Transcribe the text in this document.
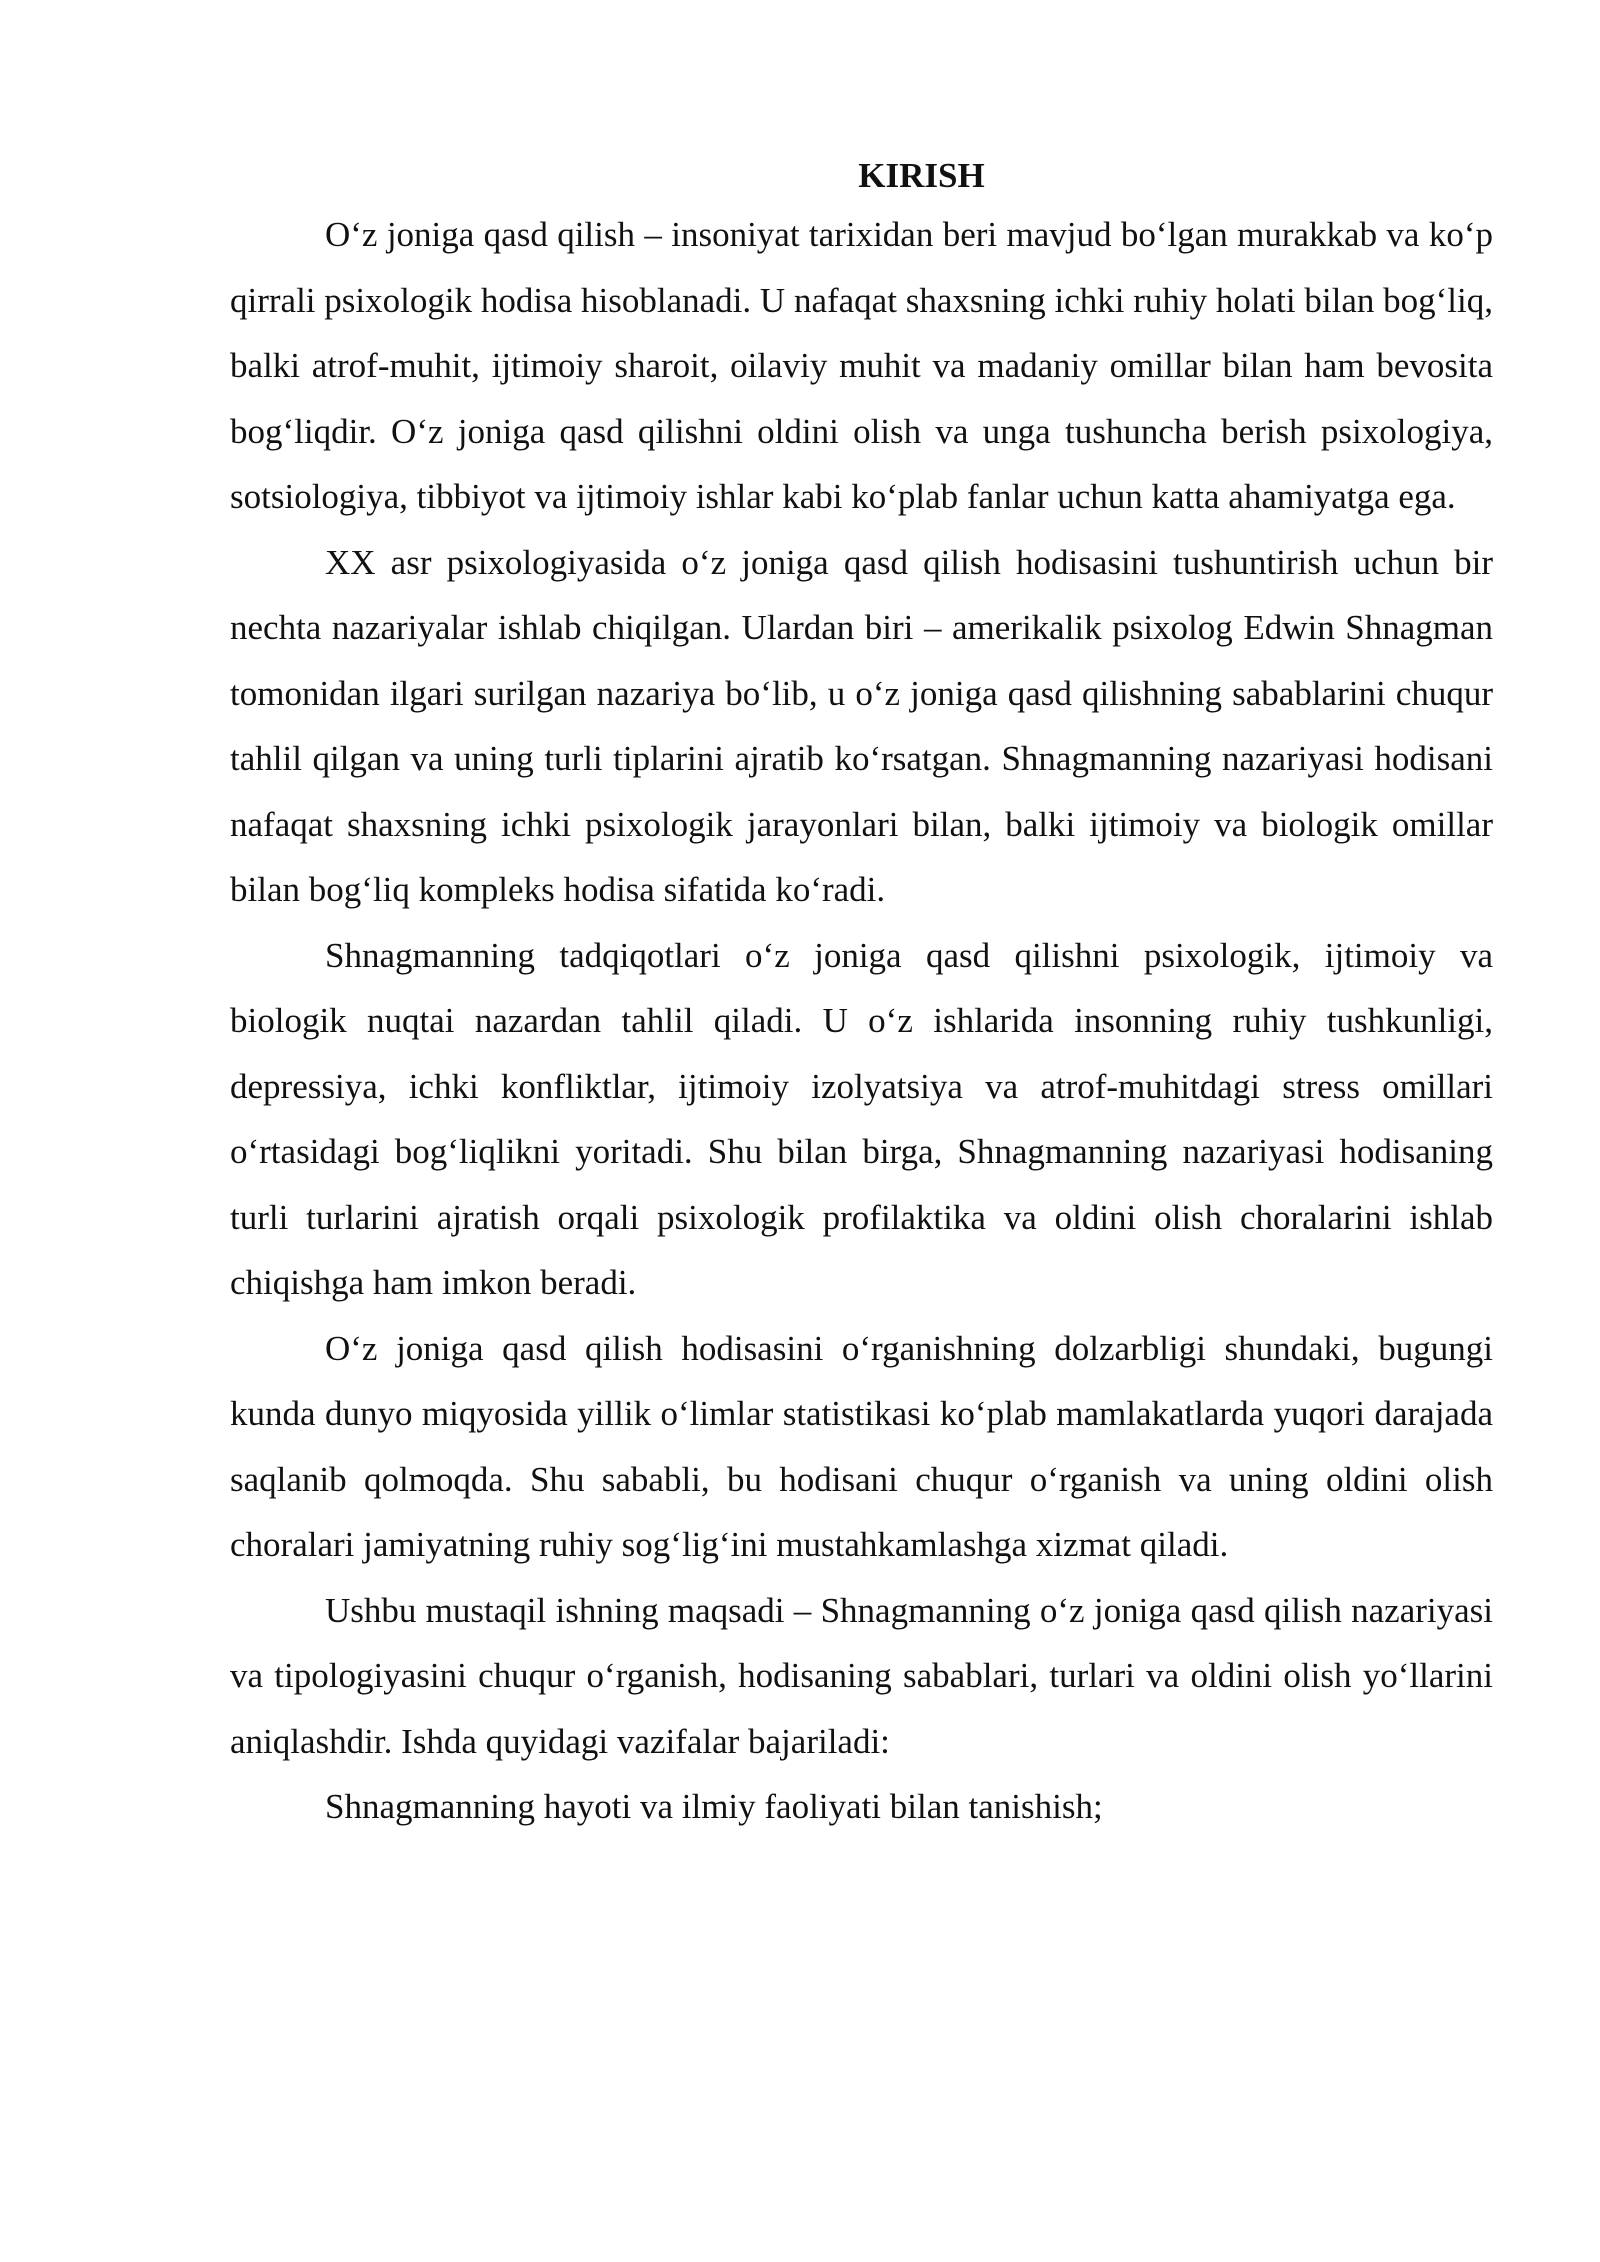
KIRISH

O‘z joniga qasd qilish – insoniyat tarixidan beri mavjud bo‘lgan murakkab va ko‘p qirrali psixologik hodisa hisoblanadi. U nafaqat shaxsning ichki ruhiy holati bilan bog‘liq, balki atrof-muhit, ijtimoiy sharoit, oilaviy muhit va madaniy omillar bilan ham bevosita bog‘liqdir. O‘z joniga qasd qilishni oldini olish va unga tushuncha berish psixologiya, sotsiologiya, tibbiyot va ijtimoiy ishlar kabi ko‘plab fanlar uchun katta ahamiyatga ega.

XX asr psixologiyasida o‘z joniga qasd qilish hodisasini tushuntirish uchun bir nechta nazariyalar ishlab chiqilgan. Ulardan biri – amerikalik psixolog Edwin Shnagman tomonidan ilgari surilgan nazariya bo‘lib, u o‘z joniga qasd qilishning sabablarini chuqur tahlil qilgan va uning turli tiplarini ajratib ko‘rsatgan. Shnagmanning nazariyasi hodisani nafaqat shaxsning ichki psixologik jarayonlari bilan, balki ijtimoiy va biologik omillar bilan bog‘liq kompleks hodisa sifatida ko‘radi.

Shnagmanning tadqiqotlari o‘z joniga qasd qilishni psixologik, ijtimoiy va biologik nuqtai nazardan tahlil qiladi. U o‘z ishlarida insonning ruhiy tushkunligi, depressiya, ichki konfliktlar, ijtimoiy izolyatsiya va atrof-muhitdagi stress omillari o‘rtasidagi bog‘liqlikni yoritadi. Shu bilan birga, Shnagmanning nazariyasi hodisaning turli turlarini ajratish orqali psixologik profilaktika va oldini olish choralarini ishlab chiqishga ham imkon beradi.

O‘z joniga qasd qilish hodisasini o‘rganishning dolzarbligi shundaki, bugungi kunda dunyo miqyosida yillik o‘limlar statistikasi ko‘plab mamlakatlarda yuqori darajada saqlanib qolmoqda. Shu sababli, bu hodisani chuqur o‘rganish va uning oldini olish choralari jamiyatning ruhiy sog‘lig‘ini mustahkamlashga xizmat qiladi.

Ushbu mustaqil ishning maqsadi – Shnagmanning o‘z joniga qasd qilish nazariyasi va tipologiyasini chuqur o‘rganish, hodisaning sabablari, turlari va oldini olish yo‘llarini aniqlashdir. Ishda quyidagi vazifalar bajariladi:

Shnagmanning hayoti va ilmiy faoliyati bilan tanishish;
